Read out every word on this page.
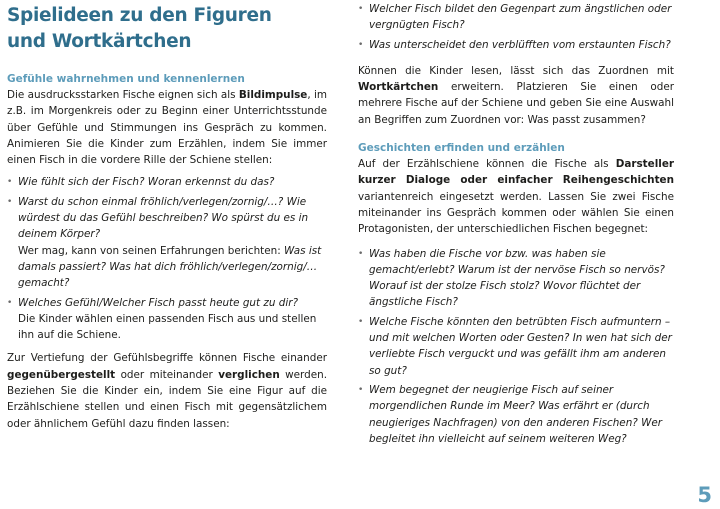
Spielideen zu den Figuren
und Wortkärtchen
Gefühle wahrnehmen und kennenlernen

Die ausdrucksstarken Fische eignen sich als Bildimpulse, im z.B. im Morgenkreis oder zu Beginn einer Unterrichtsstunde über Gefühle und Stimmungen ins Gespräch zu kommen. Animieren Sie die Kinder zum Erzählen, indem Sie immer einen Fisch in die vordere Rille der Schiene stellen:

• Wie fühlt sich der Fisch? Woran erkennst du das?
• Warst du schon einmal fröhlich/verlegen/zornig/…? Wie würdest du das Gefühl beschreiben? Wo spürst du es in deinem Körper?
Wer mag, kann von seinen Erfahrungen berichten: Was ist damals passiert? Was hat dich fröhlich/verlegen/zornig/… gemacht?
• Welches Gefühl/Welcher Fisch passt heute gut zu dir?
Die Kinder wählen einen passenden Fisch aus und stellen ihn auf die Schiene.

Zur Vertiefung der Gefühlsbegriffe können Fische einander gegenübergestellt oder miteinander verglichen werden. Beziehen Sie die Kinder ein, indem Sie eine Figur auf die Erzählschiene stellen und einen Fisch mit gegensätzlichem oder ähnlichem Gefühl dazu finden lassen:

• Welcher Fisch bildet den Gegenpart zum ängstlichen oder vergnügten Fisch?
• Was unterscheidet den verblüfften vom erstaunten Fisch?

Können die Kinder lesen, lässt sich das Zuordnen mit Wortkärtchen erweitern. Platzieren Sie einen oder mehrere Fische auf der Schiene und geben Sie eine Auswahl an Begriffen zum Zuordnen vor: Was passt zusammen?

Geschichten erfinden und erzählen

Auf der Erzählschiene können die Fische als Darsteller kurzer Dialoge oder einfacher Reihengeschichten variantenreich eingesetzt werden. Lassen Sie zwei Fische miteinander ins Gespräch kommen oder wählen Sie einen Protagonisten, der unterschiedlichen Fischen begegnet:

• Was haben die Fische vor bzw. was haben sie gemacht/erlebt? Warum ist der nervöse Fisch so nervös? Worauf ist der stolze Fisch stolz? Wovor flüchtet der ängstliche Fisch?
• Welche Fische könnten den betrübten Fisch aufmuntern – und mit welchen Worten oder Gesten? In wen hat sich der verliebte Fisch verguckt und was gefällt ihm am anderen so gut?
• Wem begegnet der neugierige Fisch auf seiner morgendlichen Runde im Meer? Was erfährt er (durch neugieriges Nachfragen) von den anderen Fischen? Wer begleitet ihn vielleicht auf seinem weiteren Weg?
5
